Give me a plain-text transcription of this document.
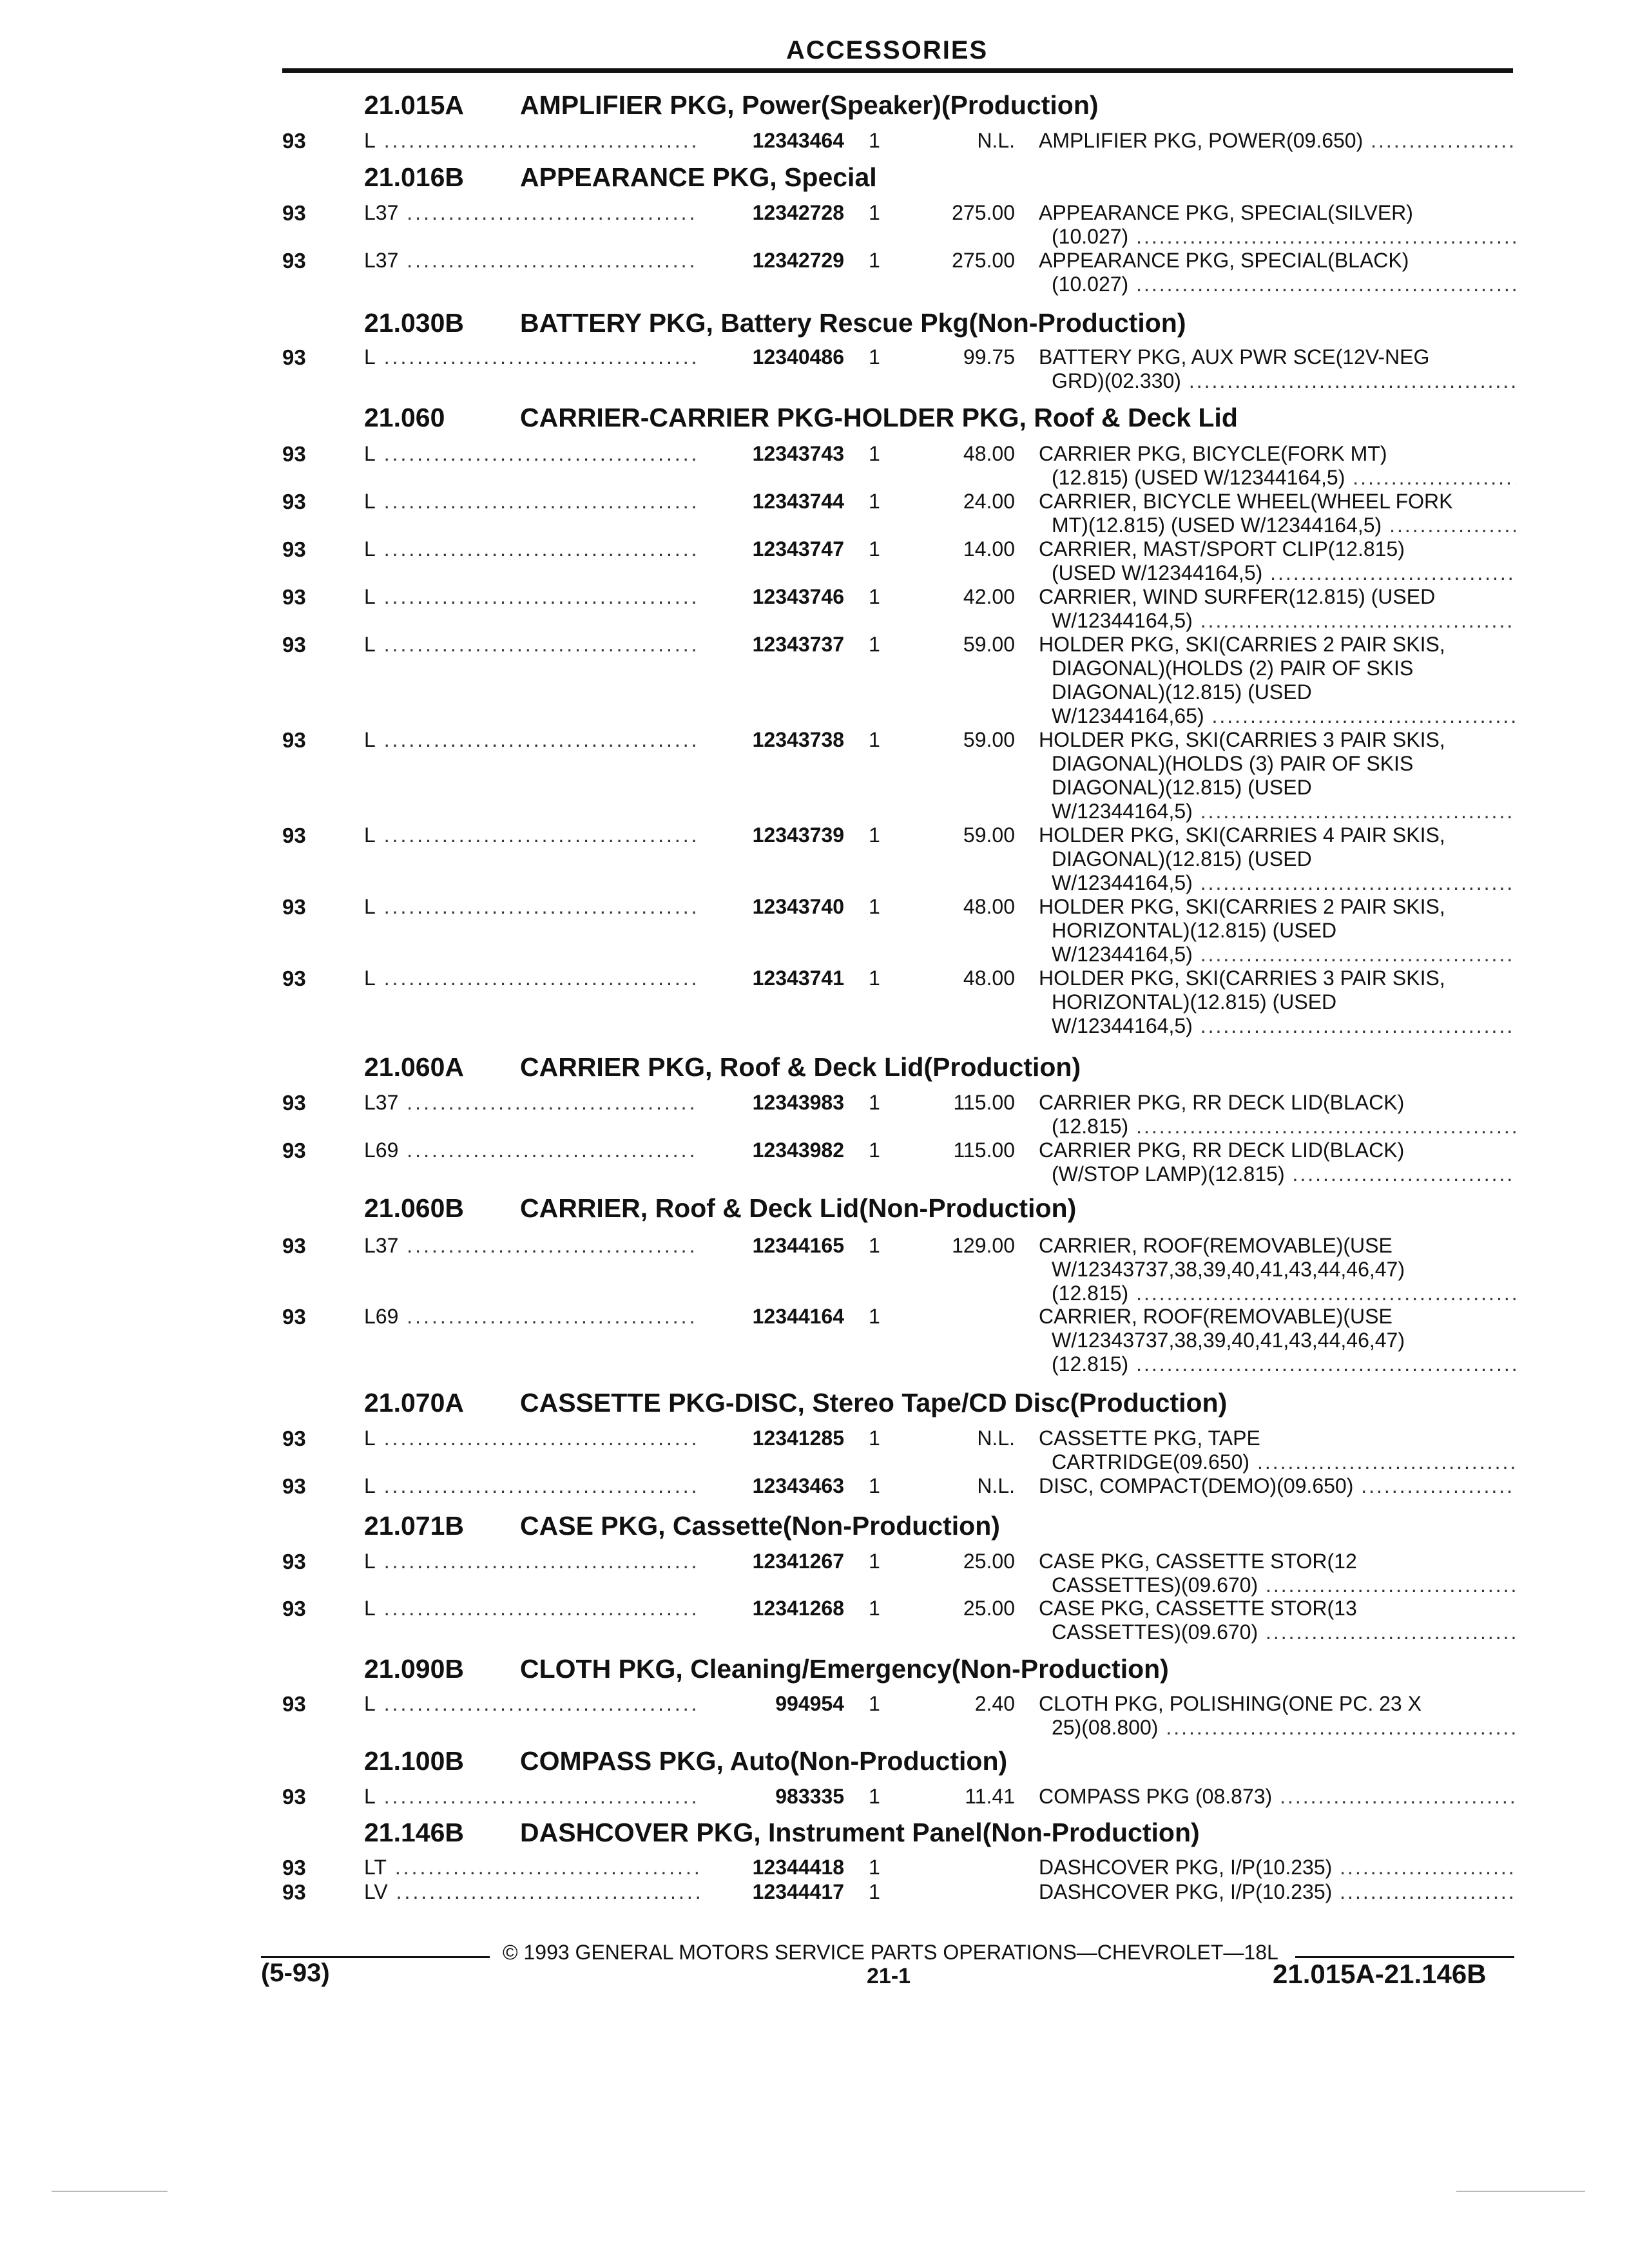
ACCESSORIES
21.015A AMPLIFIER PKG, Power(Speaker)(Production)
93	L .....	12343464 1	N.L. AMPLIFIER PKG, POWER(09.650) .....
21.016B APPEARANCE PKG, Special
93	L37 .....	12342728 1	275.00 APPEARANCE PKG, SPECIAL(SILVER)
(10.027) .....
93	L37 .....	12342729 1	275.00 APPEARANCE PKG, SPECIAL(BLACK)
(10.027) .....
21.030B BATTERY PKG, Battery Rescue Pkg(Non-Production)
93	L .....	12340486 1	99.75 BATTERY PKG, AUX PWR SCE(12V-NEG
GRD)(02.330) .....
21.060	CARRIER-CARRIER PKG-HOLDER PKG, Roof & Deck Lid
93	L .....	12343743 1	48.00 CARRIER PKG, BICYCLE(FORK MT)
(12.815) (USED W/12344164,5) .....
93	L .....	12343744 1	24.00 CARRIER, BICYCLE WHEEL(WHEEL FORK
MT)(12.815) (USED W/12344164,5) .....
93	L .....	12343747 1	14.00 CARRIER, MAST/SPORT CLIP(12.815)
(USED W/12344164,5) .....
93	L .....	12343746 1	42.00 CARRIER, WIND SURFER(12.815) (USED
W/12344164,5) .....
93	L .....	12343737 1	59.00 HOLDER PKG, SKI(CARRIES 2 PAIR SKIS,
DIAGONAL)(HOLDS (2) PAIR OF SKIS
DIAGONAL)(12.815) (USED
W/12344164,65) .....
93	L .....	12343738 1	59.00 HOLDER PKG, SKI(CARRIES 3 PAIR SKIS,
DIAGONAL)(HOLDS (3) PAIR OF SKIS
DIAGONAL)(12.815) (USED
W/12344164,5) .....
93	L .....	12343739 1	59.00 HOLDER PKG, SKI(CARRIES 4 PAIR SKIS,
DIAGONAL)(12.815) (USED
W/12344164,5) .....
93	L .....	12343740 1	48.00 HOLDER PKG, SKI(CARRIES 2 PAIR SKIS,
HORIZONTAL)(12.815) (USED
W/12344164,5) .....
93	L .....	12343741 1	48.00 HOLDER PKG, SKI(CARRIES 3 PAIR SKIS,
HORIZONTAL)(12.815) (USED
W/12344164,5) .....
21.060A CARRIER PKG, Roof & Deck Lid(Production)
93	L37 .....	12343983 1	115.00 CARRIER PKG, RR DECK LID(BLACK)
(12.815) .....
93	L69 .....	12343982 1	115.00 CARRIER PKG, RR DECK LID(BLACK)
(W/STOP LAMP)(12.815) .....
21.060B CARRIER, Roof & Deck Lid(Non-Production)
93	L37 .....	12344165 1	129.00 CARRIER, ROOF(REMOVABLE)(USE
W/12343737,38,39,40,41,43,44,46,47)
(12.815) .....
93	L69 .....	12344164 1	CARRIER, ROOF(REMOVABLE)(USE
W/12343737,38,39,40,41,43,44,46,47)
(12.815) .....
21.070A CASSETTE PKG-DISC, Stereo Tape/CD Disc(Production)
93	L .....	12341285 1	N.L. CASSETTE PKG, TAPE
CARTRIDGE(09.650) .....
93	L .....	12343463 1	N.L. DISC, COMPACT(DEMO)(09.650) .....
21.071B CASE PKG, Cassette(Non-Production)
93	L .....	12341267 1	25.00 CASE PKG, CASSETTE STOR(12
CASSETTES)(09.670) .....
93	L .....	12341268 1	25.00 CASE PKG, CASSETTE STOR(13
CASSETTES)(09.670) .....
21.090B CLOTH PKG, Cleaning/Emergency(Non-Production)
93	L .....	994954 1	2.40 CLOTH PKG, POLISHING(ONE PC. 23 X
25)(08.800) .....
21.100B COMPASS PKG, Auto(Non-Production)
93	L .....	983335 1	11.41 COMPASS PKG (08.873) .....
21.146B DASHCOVER PKG, Instrument Panel(Non-Production)
93	LT .....	12344418 1	DASHCOVER PKG, I/P(10.235) .....
93	LV .....	12344417 1	DASHCOVER PKG, I/P(10.235) .....
© 1993 GENERAL MOTORS SERVICE PARTS OPERATIONS—CHEVROLET—18L
(5-93)	21-1	21.015A-21.146B
